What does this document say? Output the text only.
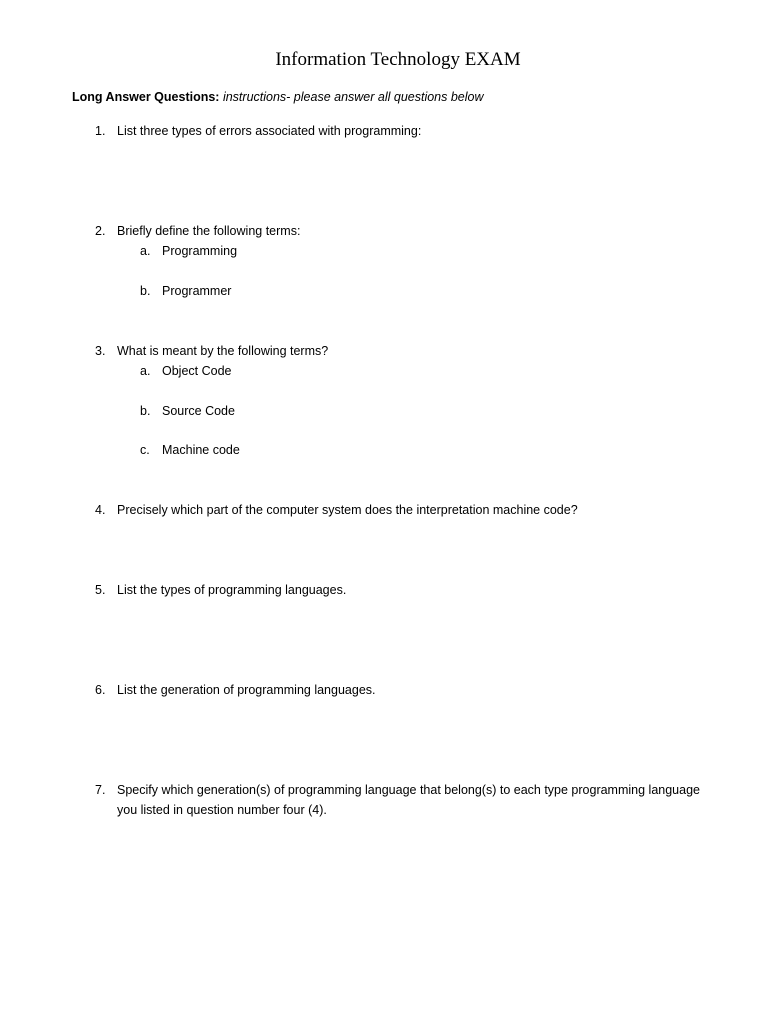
Information Technology EXAM
Long Answer Questions: instructions- please answer all questions below
1. List three types of errors associated with programming:
2. Briefly define the following terms:
a. Programming
b. Programmer
3. What is meant by the following terms?
a. Object Code
b. Source Code
c. Machine code
4. Precisely which part of the computer system does the interpretation machine code?
5. List the types of programming languages.
6. List the generation of programming languages.
7. Specify which generation(s) of programming language that belong(s) to each type programming language you listed in question number four (4).
